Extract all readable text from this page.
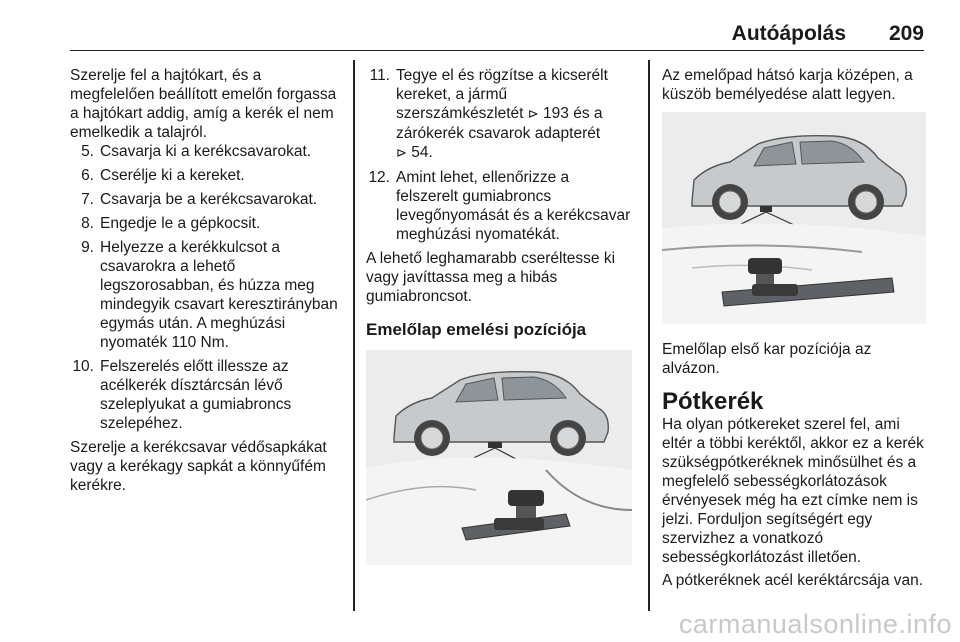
Autóápolás 209

Szerelje fel a hajtókart, és a megfelelően beállított emelőn forgassa a hajtókart addig, amíg a kerék el nem emelkedik a talajról.

5. Csavarja ki a kerékcsavarokat.
6. Cserélje ki a kereket.
7. Csavarja be a kerékcsavarokat.
8. Engedje le a gépkocsit.
9. Helyezze a kerékkulcsot a csavarokra a lehető legszorosabban, és húzza meg mindegyik csavart keresztirányban egymás után. A meghúzási nyomaték 110 Nm.
10. Felszerelés előtt illessze az acélkerék dísztárcsán lévő szeleplyukat a gumiabroncs szelepéhez.

Szerelje a kerékcsavar védősapkákat vagy a kerékagy sapkát a könnyűfém kerékre.

11. Tegye el és rögzítse a kicserélt kereket, a jármű szerszámkészletét ⊳ 193 és a zárókerék csavarok adapterét
⊳ 54.
12. Amint lehet, ellenőrizze a felszerelt gumiabroncs levegőnyomását és a kerékcsavar meghúzási nyomatékát.

A lehető leghamarabb cseréltesse ki vagy javíttassa meg a hibás gumiabroncsot.

Emelőlap emelési pozíciója

Az emelőpad hátsó karja középen, a küszöb bemélyedése alatt legyen.

Emelőlap első kar pozíciója az alvázon.

Pótkerék

Ha olyan pótkereket szerel fel, ami eltér a többi keréktől, akkor ez a kerék szükségpótkeréknek minősülhet és a megfelelő sebességkorlátozások érvényesek még ha ezt címke nem is jelzi. Forduljon segítségért egy szervizhez a vonatkozó sebességkorlátozást illetően.

A pótkeréknek acél keréktárcsája van.

carmanualsonline.info
